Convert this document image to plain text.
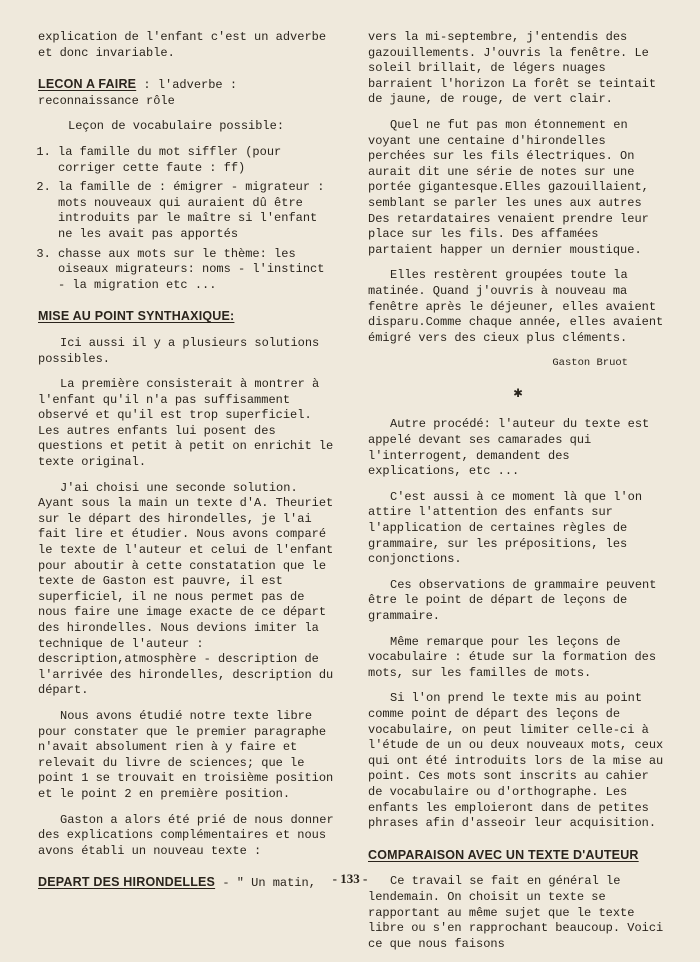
explication de l'enfant c'est un adverbe et donc invariable.

LECON A FAIRE : l'adverbe : reconnaissance rôle

Leçon de vocabulaire possible:

1. la famille du mot siffler (pour corriger cette faute : ff)
2. la famille de : émigrer - migrateur : mots nouveaux qui auraient dû être introduits par le maître si l'enfant ne les avait pas apportés
3. chasse aux mots sur le thème: les oiseaux migrateurs: noms - l'instinct - la migration etc ...

MISE AU POINT SYNTHAXIQUE:

Ici aussi il y a plusieurs solutions possibles.

La première consisterait à montrer à l'enfant qu'il n'a pas suffisamment observé et qu'il est trop superficiel. Les autres enfants lui posent des questions et petit à petit on enrichit le texte original.

J'ai choisi une seconde solution. Ayant sous la main un texte d'A. Theuriet sur le départ des hirondelles, je l'ai fait lire et étudier. Nous avons comparé le texte de l'auteur et celui de l'enfant pour aboutir à cette constatation que le texte de Gaston est pauvre, il est superficiel, il ne nous permet pas de nous faire une image exacte de ce départ des hirondelles. Nous devions imiter la technique de l'auteur : description,atmosphère - description de l'arrivée des hirondelles, description du départ.

Nous avons étudié notre texte libre pour constater que le premier paragraphe n'avait absolument rien à y faire et relevait du livre de sciences; que le point 1 se trouvait en troisième position et le point 2 en première position.

Gaston a alors été prié de nous donner des explications complémentaires et nous avons établi un nouveau texte :

DEPART DES HIRONDELLES - " Un matin,

vers la mi-septembre, j'entendis des gazouillements. J'ouvris la fenêtre. Le soleil brillait, de légers nuages barraient l'horizon La forêt se teintait de jaune, de rouge, de vert clair.

Quel ne fut pas mon étonnement en voyant une centaine d'hirondelles perchées sur les fils électriques. On aurait dit une série de notes sur une portée gigantesque.Elles gazouillaient, semblant se parler les unes aux autres Des retardataires venaient prendre leur place sur les fils. Des affamées partaient happer un dernier moustique.

Elles restèrent groupées toute la matinée. Quand j'ouvris à nouveau ma fenêtre après le déjeuner, elles avaient disparu.Comme chaque année, elles avaient émigré vers des cieux plus cléments.

Gaston Bruot
✱

Autre procédé: l'auteur du texte est appelé devant ses camarades qui l'interrogent, demandent des explications, etc ...

C'est aussi à ce moment là que l'on attire l'attention des enfants sur l'application de certaines règles de grammaire, sur les prépositions, les conjonctions.

Ces observations de grammaire peuvent être le point de départ de leçons de grammaire.

Même remarque pour les leçons de vocabulaire : étude sur la formation des mots, sur les familles de mots.

Si l'on prend le texte mis au point comme point de départ des leçons de vocabulaire, on peut limiter celle-ci à l'étude de un ou deux nouveaux mots, ceux qui ont été introduits lors de la mise au point. Ces mots sont inscrits au cahier de vocabulaire ou d'orthographe. Les enfants les emploieront dans de petites phrases afin d'asseoir leur acquisition.

COMPARAISON AVEC UN TEXTE D'AUTEUR

Ce travail se fait en général le lendemain. On choisit un texte se rapportant au même sujet que le texte libre ou s'en rapprochant beaucoup. Voici ce que nous faisons

- 133 -
